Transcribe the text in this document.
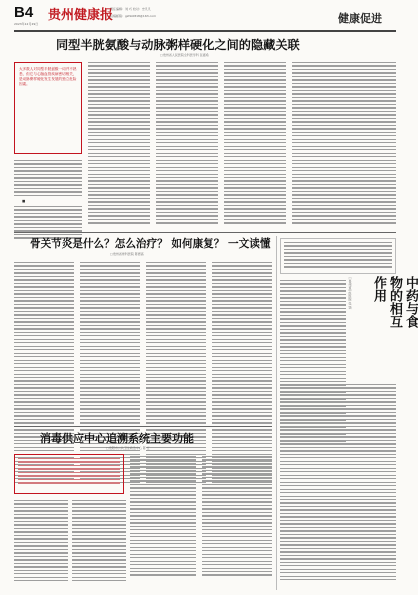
B4
2023年12月29日
贵州健康报
责任编辑：刘 巧 校对：史凡凡
投稿邮箱：gzhb0818@163.com	健康促进
同型半胱氨酸与动脉粥样硬化之间的隐藏关联
□贵州省人民医院全科医学科 张嘉希
大多数人对同型半胱氨酸一词并不熟悉，但它与心脑血管疾病密切相关，是动脉粥样硬化发生发展的独立危险因素。
■
骨关节炎是什么？怎么治疗？ 如何康复？ 一文读懂
□贵州省骨科医院 陈德高
中药与食物的相互作用
□贵州省中医医院 张 颖
消毒供应中心追溯系统主要功能
□贵阳市公共卫生救治中心 陈 红
